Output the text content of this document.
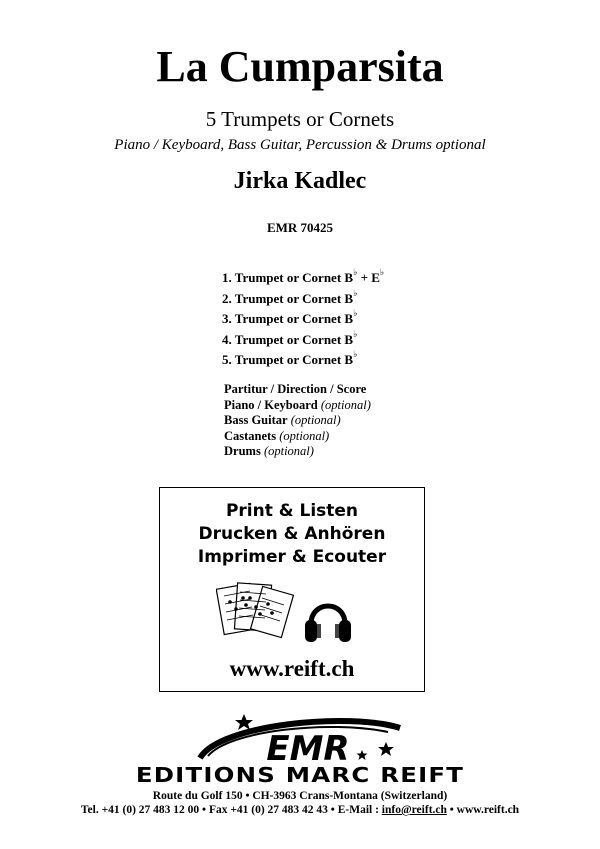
La Cumparsita
5 Trumpets or Cornets
Piano / Keyboard, Bass Guitar, Percussion & Drums optional
Jirka Kadlec
EMR 70425
1. Trumpet or Cornet B♭ + E♭
2. Trumpet or Cornet B♭
3. Trumpet or Cornet B♭
4. Trumpet or Cornet B♭
5. Trumpet or Cornet B♭
Partitur / Direction / Score
Piano / Keyboard (optional)
Bass Guitar (optional)
Castanets (optional)
Drums (optional)
Print & Listen
Drucken & Anhören
Imprimer & Ecouter
www.reift.ch
EMR
EDITIONS MARC REIFT
Route du Golf 150 • CH-3963 Crans-Montana (Switzerland)
Tel. +41 (0) 27 483 12 00 • Fax +41 (0) 27 483 42 43 • E-Mail : info@reift.ch • www.reift.ch
